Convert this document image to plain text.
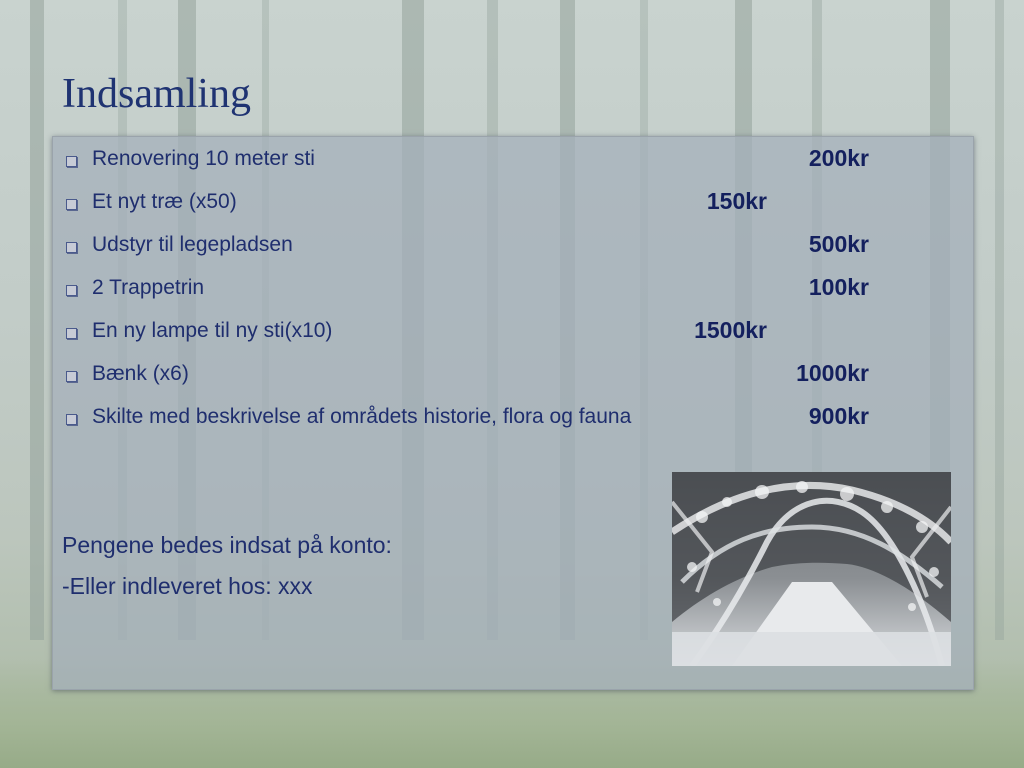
Indsamling
Renovering 10 meter sti	200kr
Et nyt træ (x50)	150kr
Udstyr til legepladsen	500kr
2 Trappetrin	100kr
En ny lampe til ny sti(x10)	1500kr
Bænk (x6)	1000kr
Skilte med beskrivelse af områdets historie, flora og fauna	900kr
Pengene bedes indsat på konto:
-Eller indleveret hos: xxx
